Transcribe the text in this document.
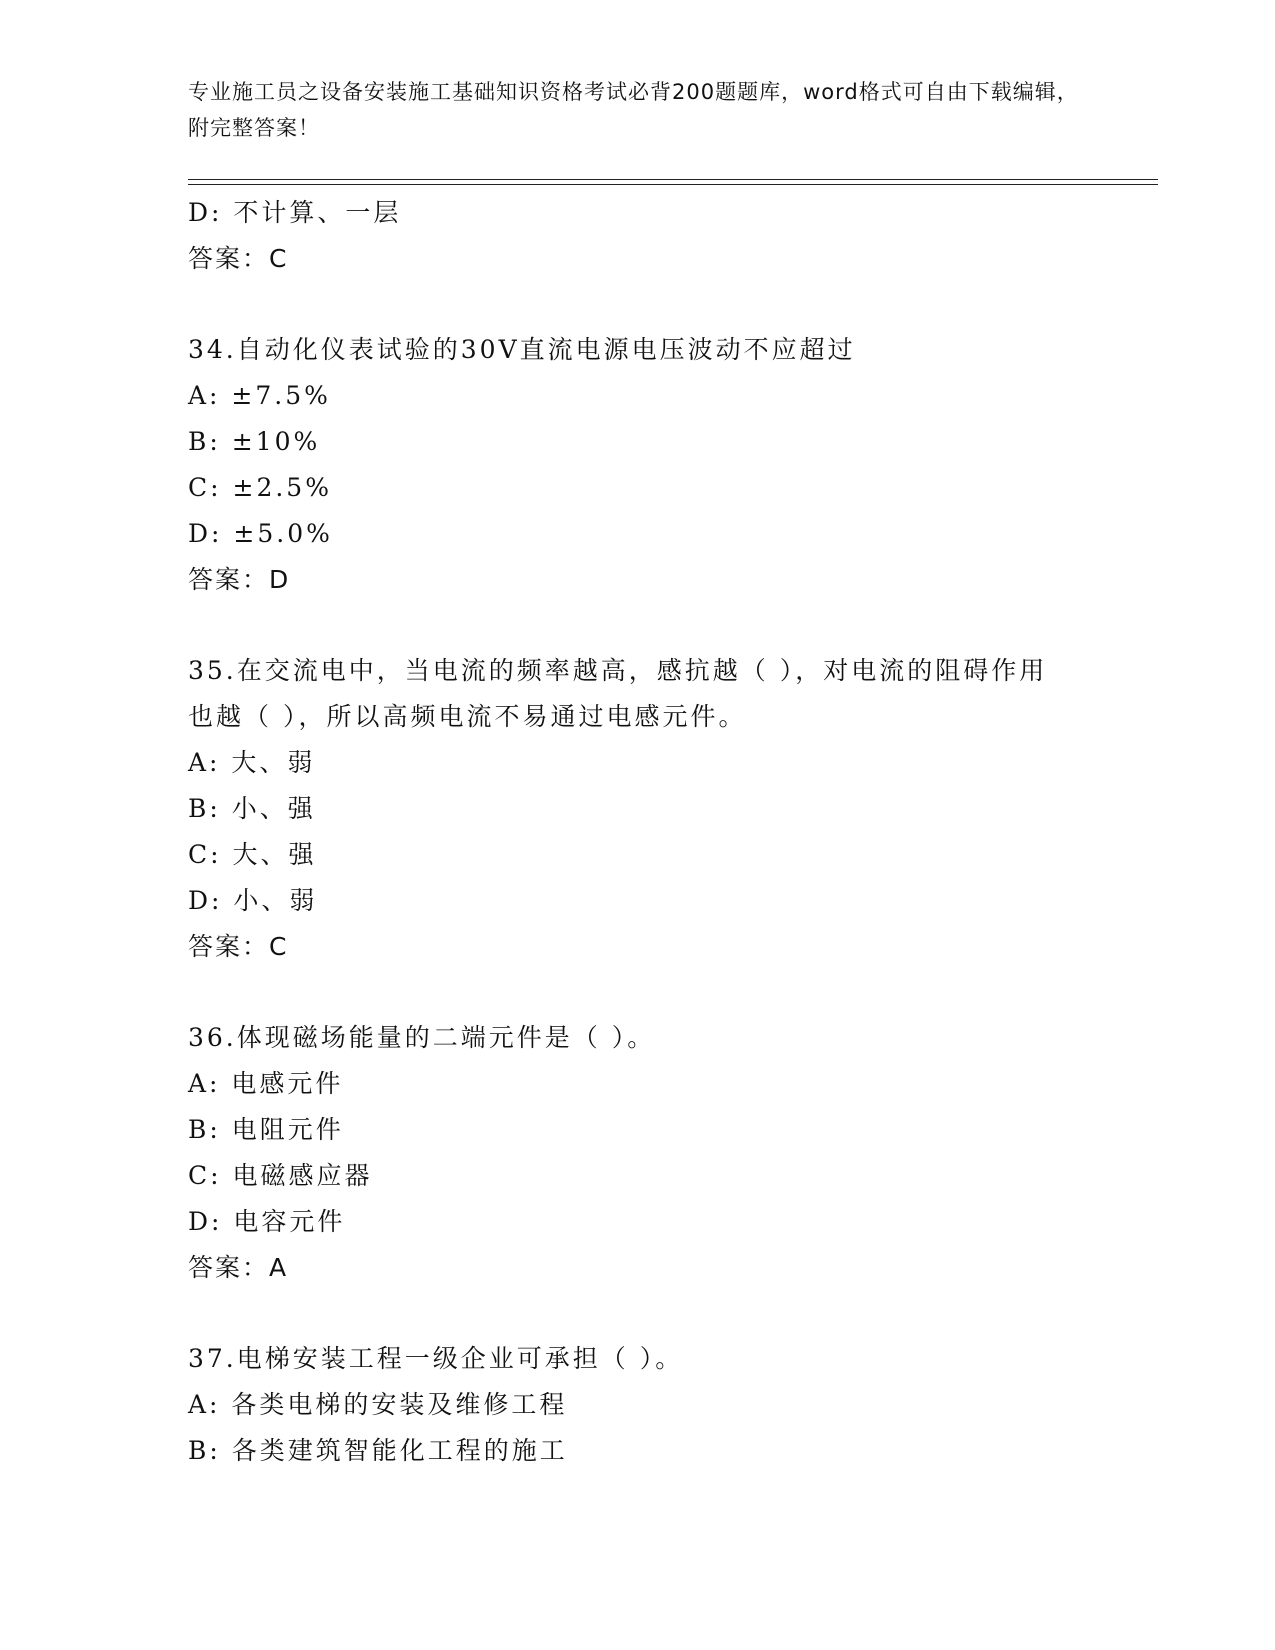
专业施工员之设备安装施工基础知识资格考试必背200题题库，word格式可自由下载编辑，附完整答案！
D: 不计算、一层
答案：C
34.自动化仪表试验的30V直流电源电压波动不应超过
A: ±7.5%
B: ±10%
C: ±2.5%
D: ±5.0%
答案：D
35.在交流电中，当电流的频率越高，感抗越（ ），对电流的阻碍作用也越（ ），所以高频电流不易通过电感元件。
A: 大、弱
B: 小、强
C: 大、强
D: 小、弱
答案：C
36.体现磁场能量的二端元件是（ ）。
A: 电感元件
B: 电阻元件
C: 电磁感应器
D: 电容元件
答案：A
37.电梯安装工程一级企业可承担（ ）。
A: 各类电梯的安装及维修工程
B: 各类建筑智能化工程的施工
